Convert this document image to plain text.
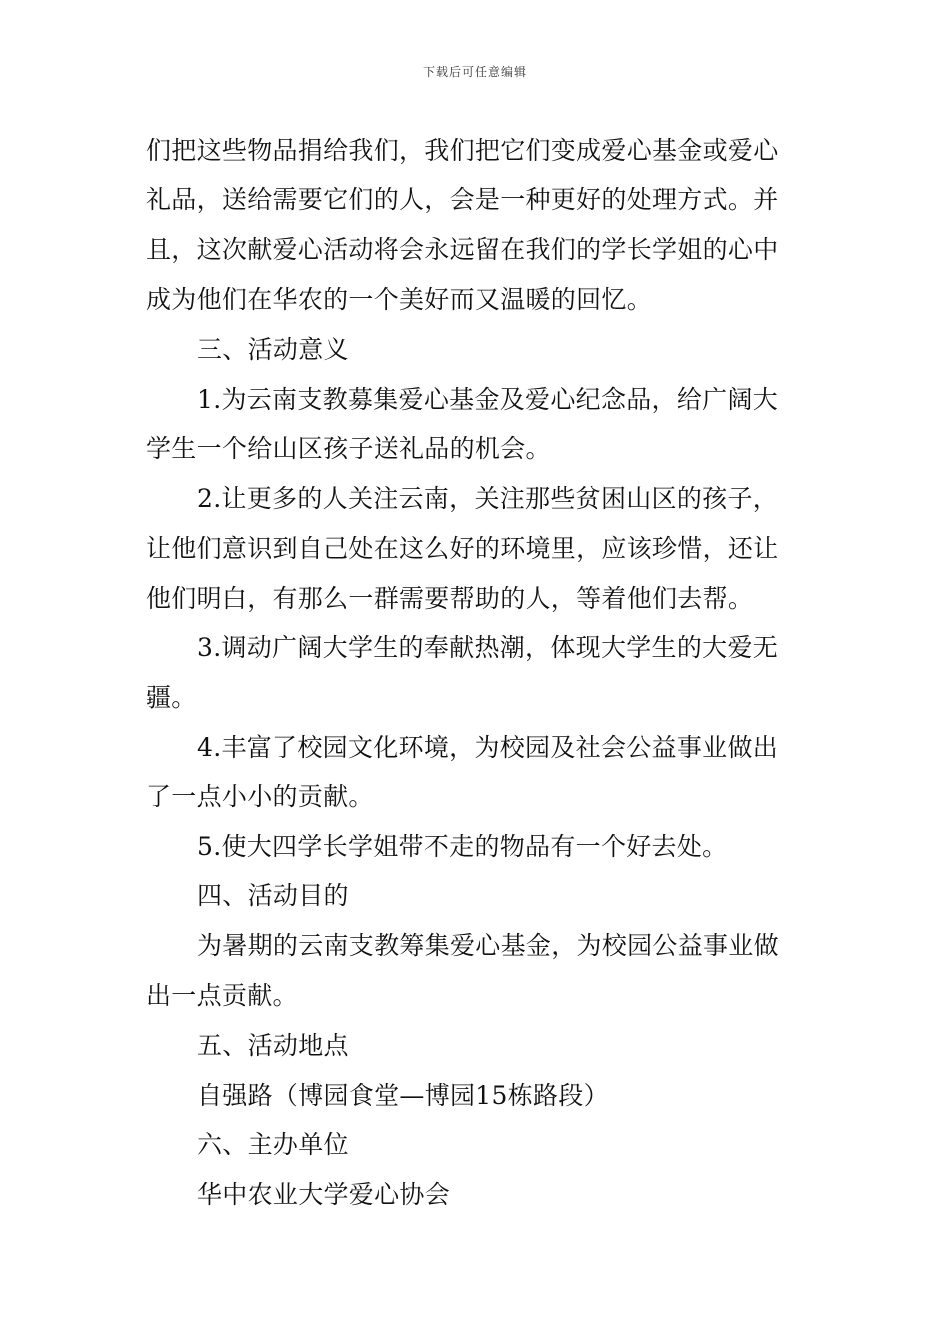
下载后可任意编辑
们把这些物品捐给我们，我们把它们变成爱心基金或爱心
礼品，送给需要它们的人，会是一种更好的处理方式。并
且，这次献爱心活动将会永远留在我们的学长学姐的心中
成为他们在华农的一个美好而又温暖的回忆。
三、活动意义
1.为云南支教募集爱心基金及爱心纪念品，给广阔大
学生一个给山区孩子送礼品的机会。
2.让更多的人关注云南，关注那些贫困山区的孩子，
让他们意识到自己处在这么好的环境里，应该珍惜，还让
他们明白，有那么一群需要帮助的人，等着他们去帮。
3.调动广阔大学生的奉献热潮，体现大学生的大爱无
疆。
4.丰富了校园文化环境，为校园及社会公益事业做出
了一点小小的贡献。
5.使大四学长学姐带不走的物品有一个好去处。
四、活动目的
为暑期的云南支教筹集爱心基金，为校园公益事业做
出一点贡献。
五、活动地点
自强路（博园食堂—博园15栋路段）
六、主办单位
华中农业大学爱心协会
